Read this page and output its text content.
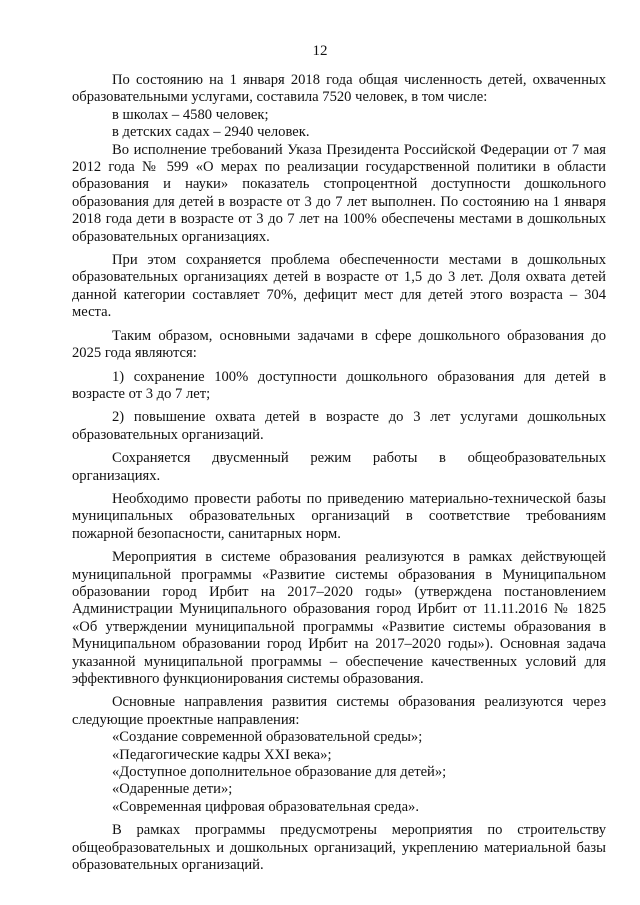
12

По состоянию на 1 января 2018 года общая численность детей, охваченных образовательными услугами, составила 7520 человек, в том числе:

в школах – 4580 человек;

в детских садах – 2940 человек.

Во исполнение требований Указа Президента Российской Федерации от 7 мая 2012 года № 599 «О мерах по реализации государственной политики в области образования и науки» показатель стопроцентной доступности дошкольного образования для детей в возрасте от 3 до 7 лет выполнен. По состоянию на 1 января 2018 года дети в возрасте от 3 до 7 лет на 100% обеспечены местами в дошкольных образовательных организациях.

При этом сохраняется проблема обеспеченности местами в дошкольных образовательных организациях детей в возрасте от 1,5 до 3 лет. Доля охвата детей данной категории составляет 70%, дефицит мест для детей этого возраста – 304 места.

Таким образом, основными задачами в сфере дошкольного образования до 2025 года являются:

1) сохранение 100% доступности дошкольного образования для детей в возрасте от 3 до 7 лет;

2) повышение охвата детей в возрасте до 3 лет услугами дошкольных образовательных организаций.

Сохраняется двусменный режим работы в общеобразовательных организациях.

Необходимо провести работы по приведению материально-технической базы муниципальных образовательных организаций в соответствие требованиям пожарной безопасности, санитарных норм.

Мероприятия в системе образования реализуются в рамках действующей муниципальной программы «Развитие системы образования в Муниципальном образовании город Ирбит на 2017–2020 годы» (утверждена постановлением Администрации Муниципального образования город Ирбит от 11.11.2016 № 1825 «Об утверждении муниципальной программы «Развитие системы образования в Муниципальном образовании город Ирбит на 2017–2020 годы»). Основная задача указанной муниципальной программы – обеспечение качественных условий для эффективного функционирования системы образования.

Основные направления развития системы образования реализуются через следующие проектные направления:

«Создание современной образовательной среды»;

«Педагогические кадры XXI века»;

«Доступное дополнительное образование для детей»;

«Одаренные дети»;

«Современная цифровая образовательная среда».

В рамках программы предусмотрены мероприятия по строительству общеобразовательных и дошкольных организаций, укреплению материальной базы образовательных организаций.
